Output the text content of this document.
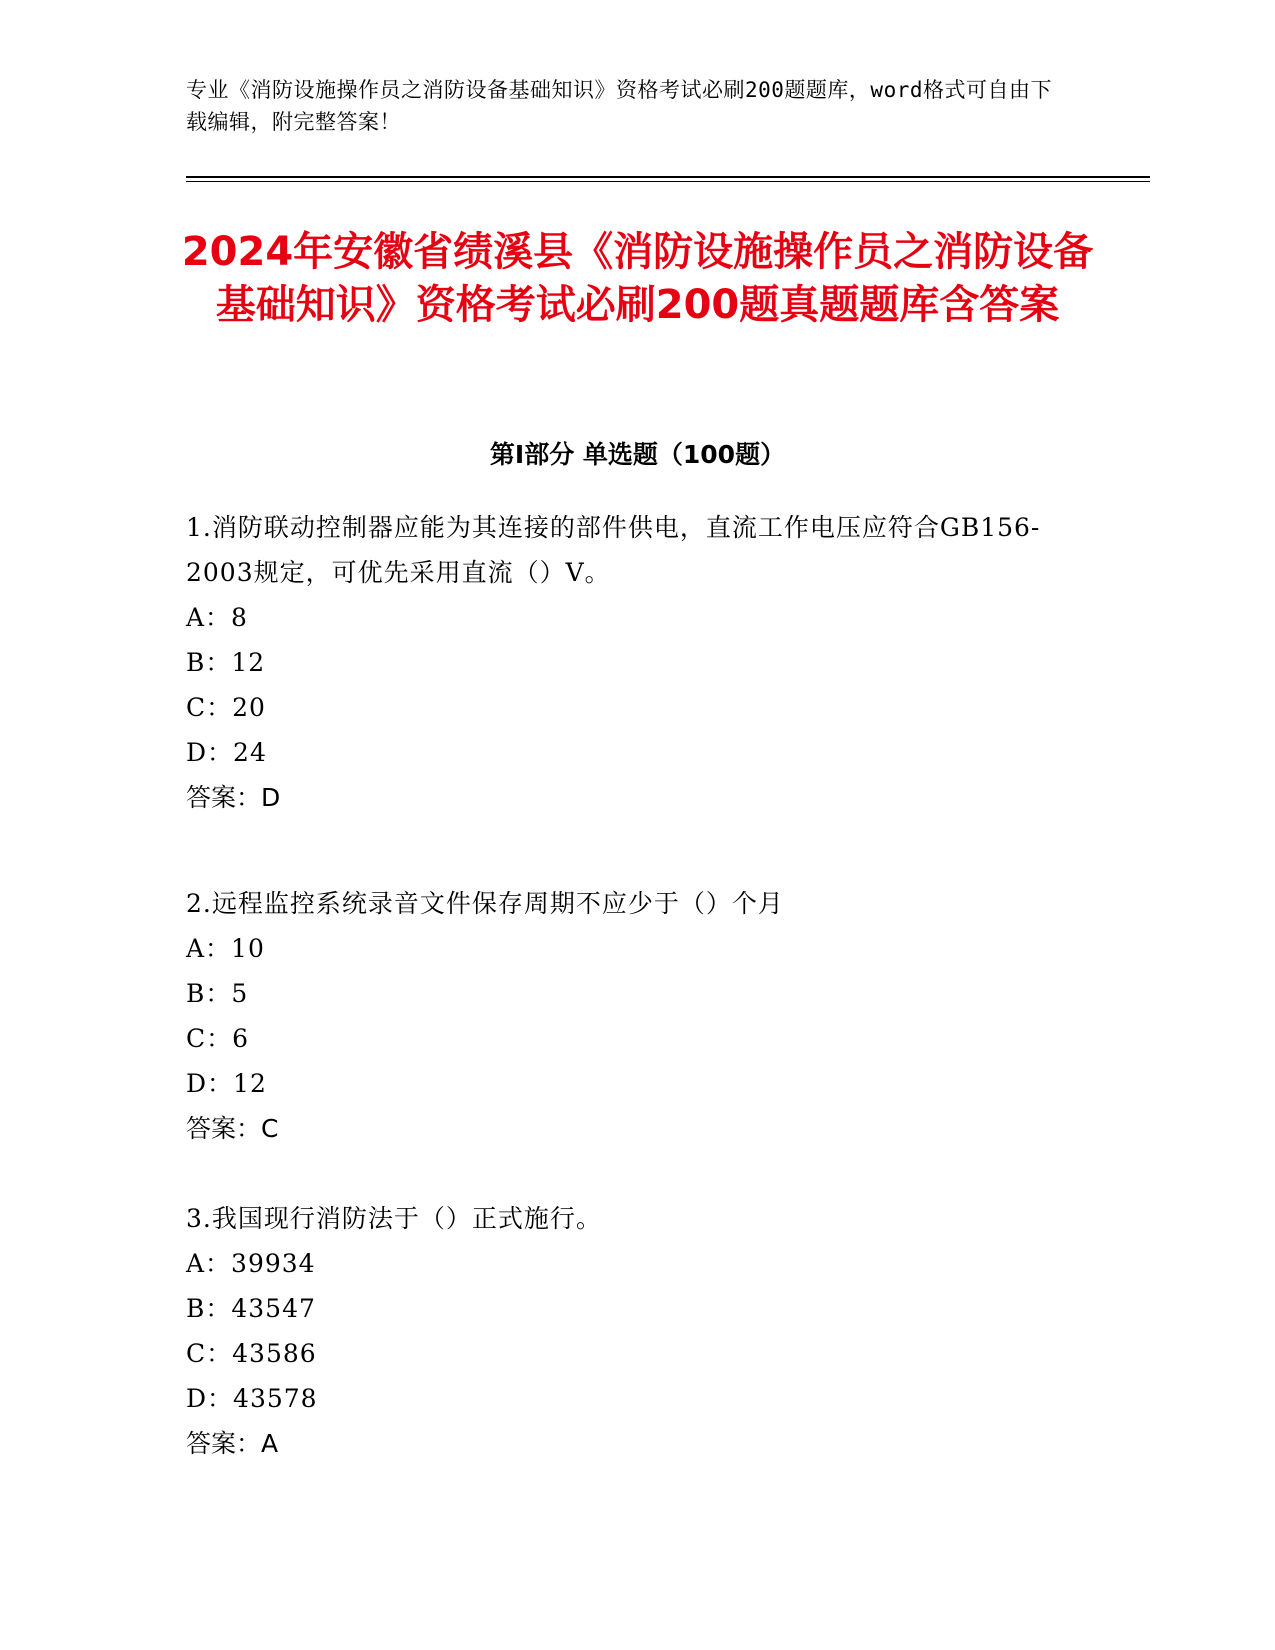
专业《消防设施操作员之消防设备基础知识》资格考试必刷200题题库，word格式可自由下载编辑，附完整答案！
2024年安徽省绩溪县《消防设施操作员之消防设备基础知识》资格考试必刷200题真题题库含答案
第I部分 单选题（100题）
1.消防联动控制器应能为其连接的部件供电，直流工作电压应符合GB156-2003规定，可优先采用直流（）V。
A：8
B：12
C：20
D：24
答案：D
2.远程监控系统录音文件保存周期不应少于（）个月
A：10
B：5
C：6
D：12
答案：C
3.我国现行消防法于（）正式施行。
A：39934
B：43547
C：43586
D：43578
答案：A
